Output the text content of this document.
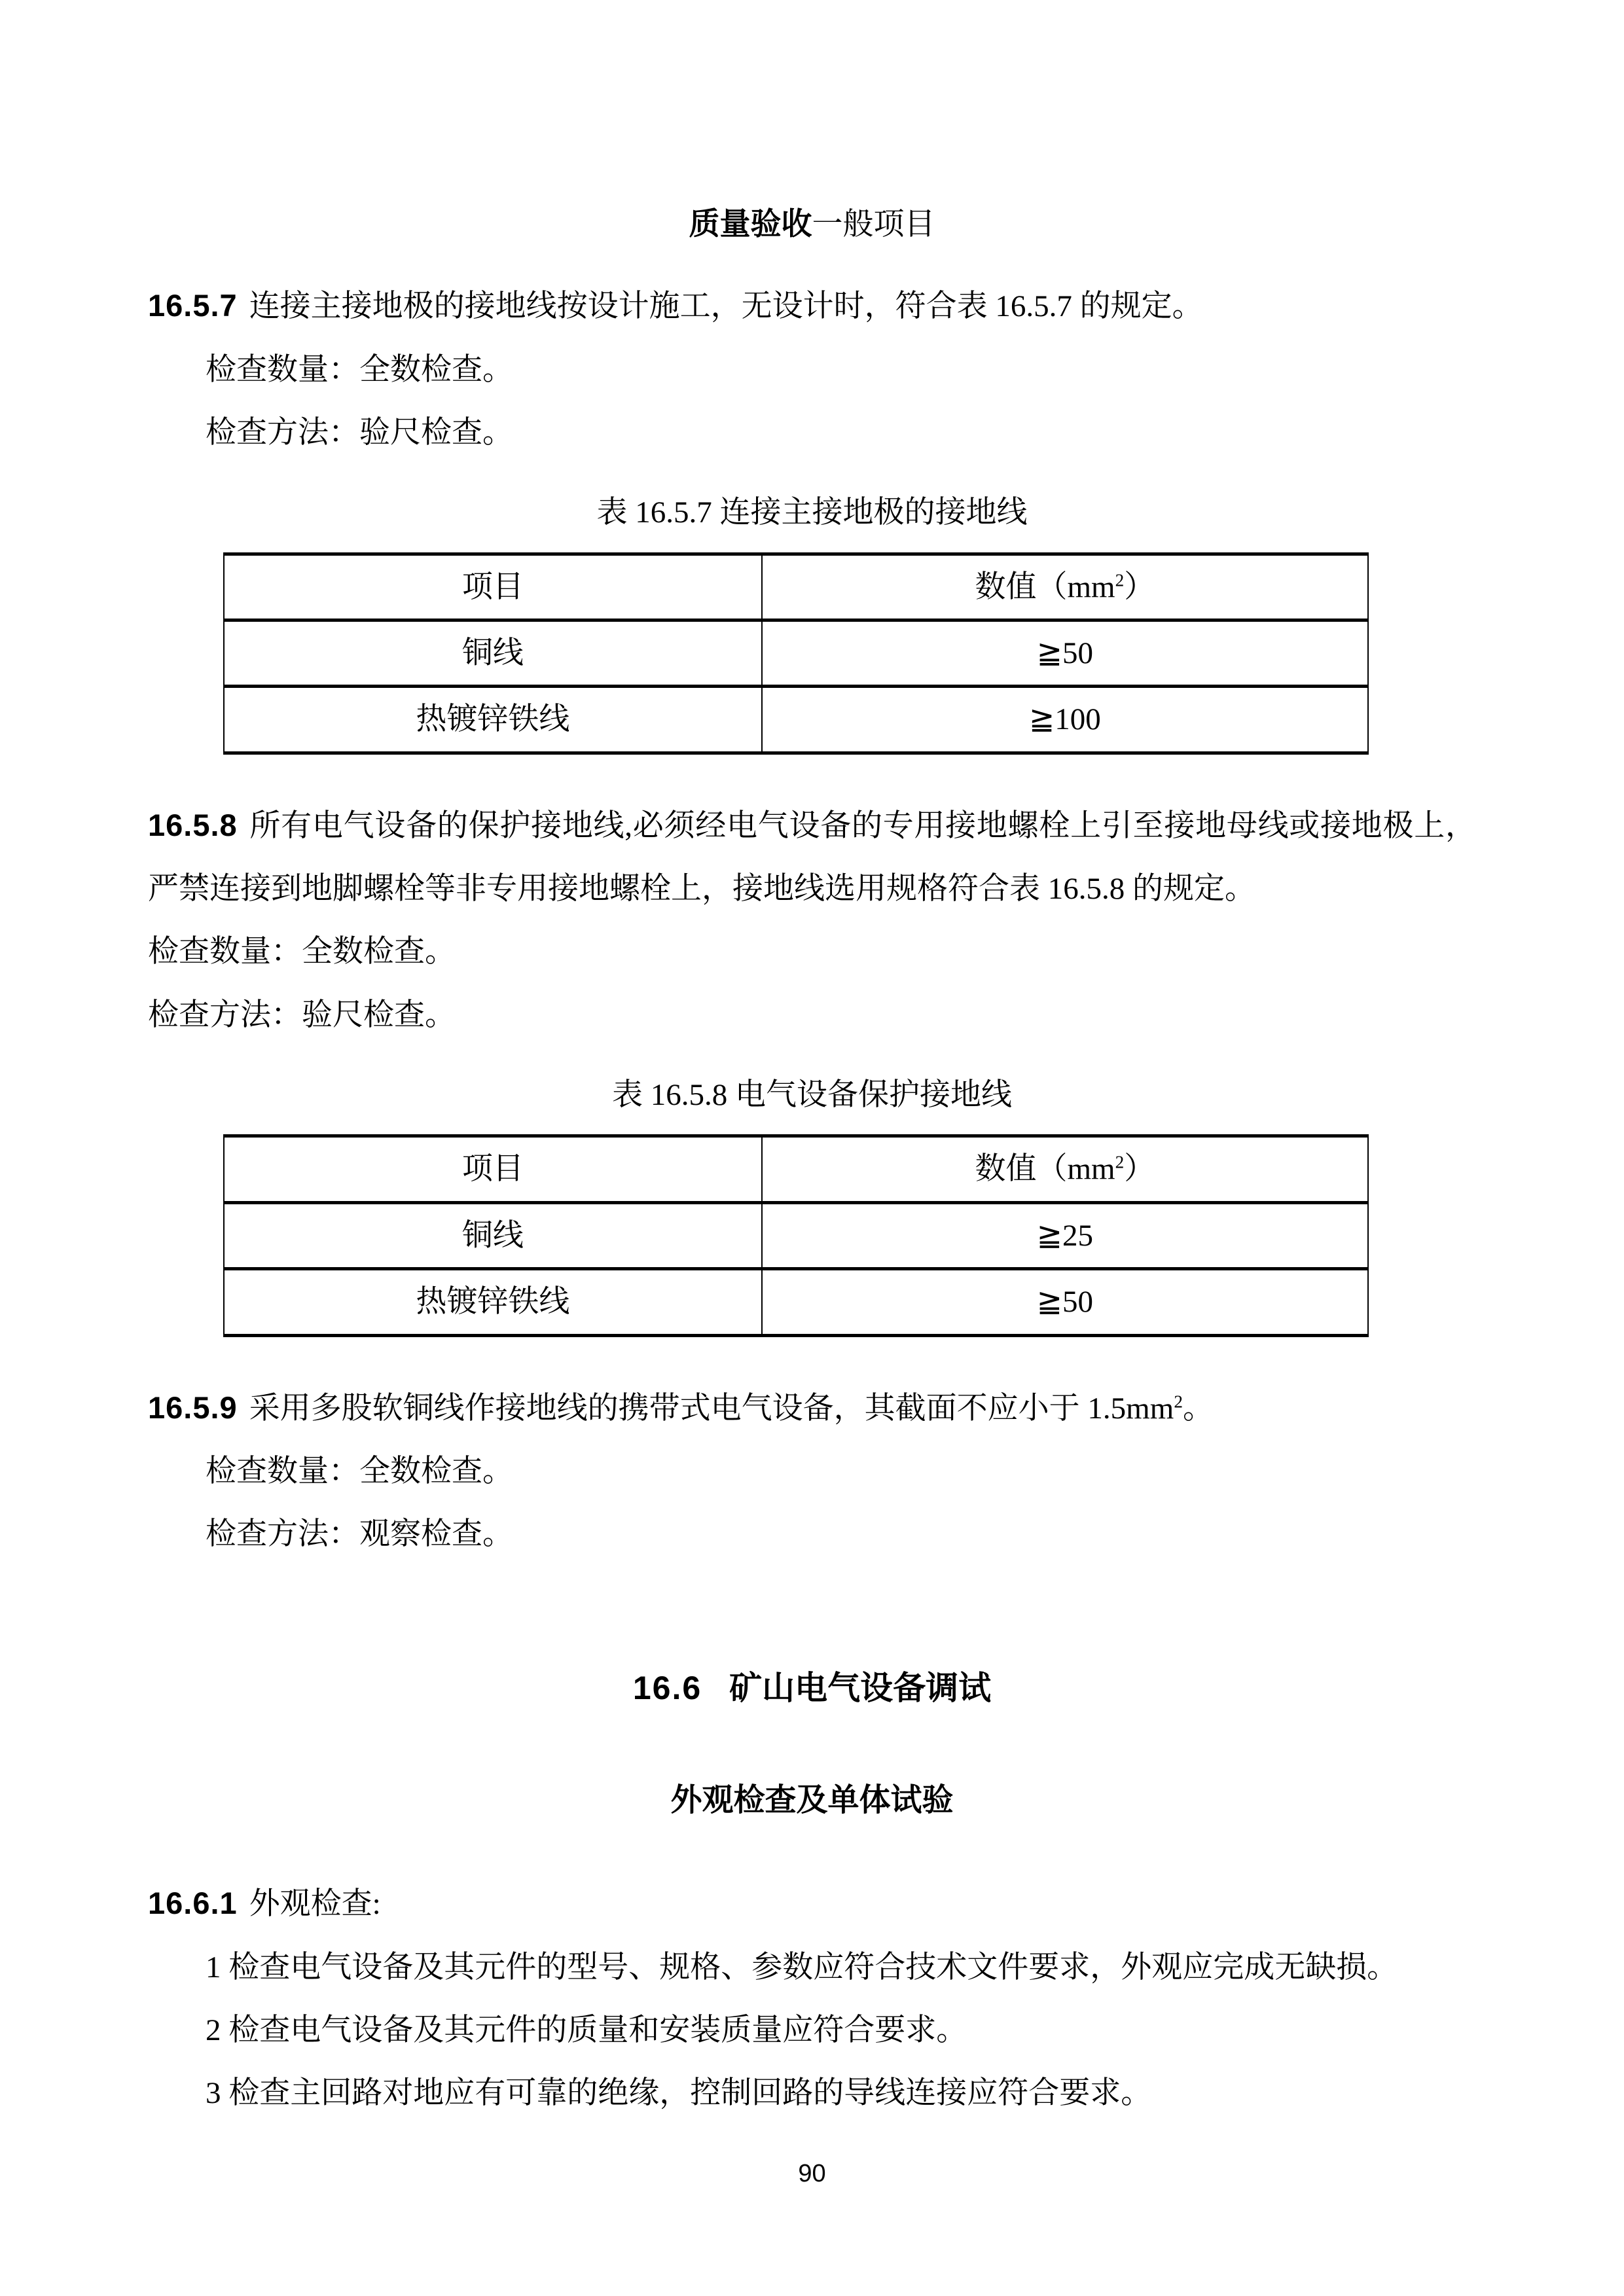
质量验收一般项目

16.5.7 连接主接地极的接地线按设计施工，无设计时，符合表 16.5.7 的规定。

检查数量：全数检查。

检查方法：验尺检查。

表 16.5.7 连接主接地极的接地线
项目	数值$(mm^2)$
铜线	≧50
热镀锌铁线	≧100

16.5.8 所有电气设备的保护接地线,必须经电气设备的专用接地螺栓上引至接地母线或接地极上，严禁连接到地脚螺栓等非专用接地螺栓上，接地线选用规格符合表 16.5.8 的规定。

检查数量：全数检查。

检查方法：验尺检查。

表 16.5.8 电气设备保护接地线
项目	数值$(mm^2)$
铜线	≧25
热镀锌铁线	≧50

16.5.9 采用多股软铜线作接地线的携带式电气设备，其截面不应小于 $1.5mm^2$。

检查数量：全数检查。

检查方法：观察检查。

16.6 矿山电气设备调试
外观检查及单体试验

16.6.1 外观检查:

1 检查电气设备及其元件的型号、规格、参数应符合技术文件要求，外观应完成无缺损。

2 检查电气设备及其元件的质量和安装质量应符合要求。

3 检查主回路对地应有可靠的绝缘，控制回路的导线连接应符合要求。

90
